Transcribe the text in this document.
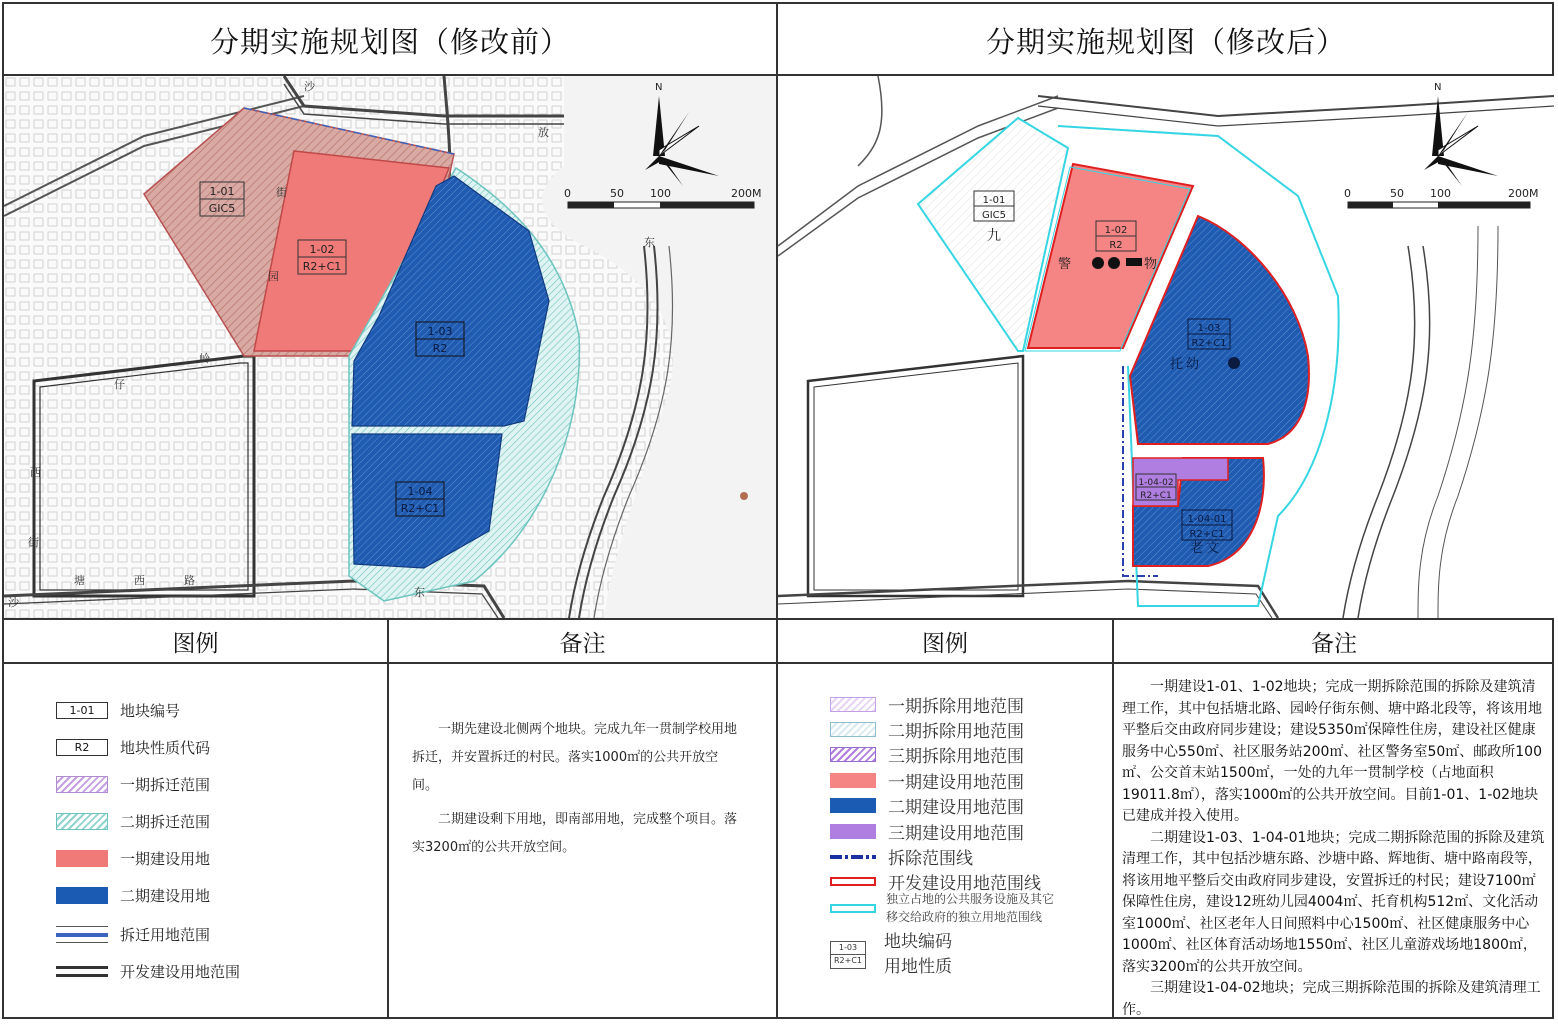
分期实施规划图（修改前）	分期实施规划图（修改后）
1-01
GIC5
1-02
R2+C1
1-03
R2
1-04
R2+C1
沙
放
街
园
岭
仔
西
街
塘	西	路
沙
东
东
0	50 100	200M
N
1-01
GIC5
九	1-02
R2
1-03
R2+C1
1-04-01
R2+C1
1-04-02
R2+C1
警	物
托 幼
老 文
0	50 100	200M
N
图例	备注	图例	备注
1-01	地块编号
R2	地块性质代码
一期拆迁范围
二期拆迁范围
一期建设用地
二期建设用地
拆迁用地范围
开发建设用地范围

一期先建设北侧两个地块。完成九年一贯制学校用地拆迁，并安置拆迁的村民。落实1000㎡的公共开放空间。

二期建设剩下用地，即南部用地，完成整个项目。落实3200㎡的公共开放空间。

一期拆除用地范围
二期拆除用地范围
三期拆除用地范围
一期建设用地范围
二期建设用地范围
三期建设用地范围
拆除范围线
开发建设用地范围线
独立占地的公共服务设施及其它
移交给政府的独立用地范围线
1-03
R2+C1
地块编码
用地性质

一期建设1-01、1-02地块；完成一期拆除范围的拆除及建筑清理工作，其中包括塘北路、园岭仔街东侧、塘中路北段等，将该用地平整后交由政府同步建设；建设5350㎡保障性住房，建设社区健康服务中心550㎡、社区服务站200㎡、社区警务室50㎡、邮政所100㎡、公交首末站1500㎡，一处的九年一贯制学校（占地面积19011.8㎡），落实1000㎡的公共开放空间。目前1-01、1-02地块已建成并投入使用。

二期建设1-03、1-04-01地块；完成二期拆除范围的拆除及建筑清理工作，其中包括沙塘东路、沙塘中路、辉地街、塘中路南段等，将该用地平整后交由政府同步建设，安置拆迁的村民；建设7100㎡保障性住房，建设12班幼儿园4004㎡、托育机构512㎡、文化活动室1000㎡、社区老年人日间照料中心1500㎡、社区健康服务中心1000㎡、社区体育活动场地1550㎡、社区儿童游戏场地1800㎡，落实3200㎡的公共开放空间。

三期建设1-04-02地块；完成三期拆除范围的拆除及建筑清理工作。
